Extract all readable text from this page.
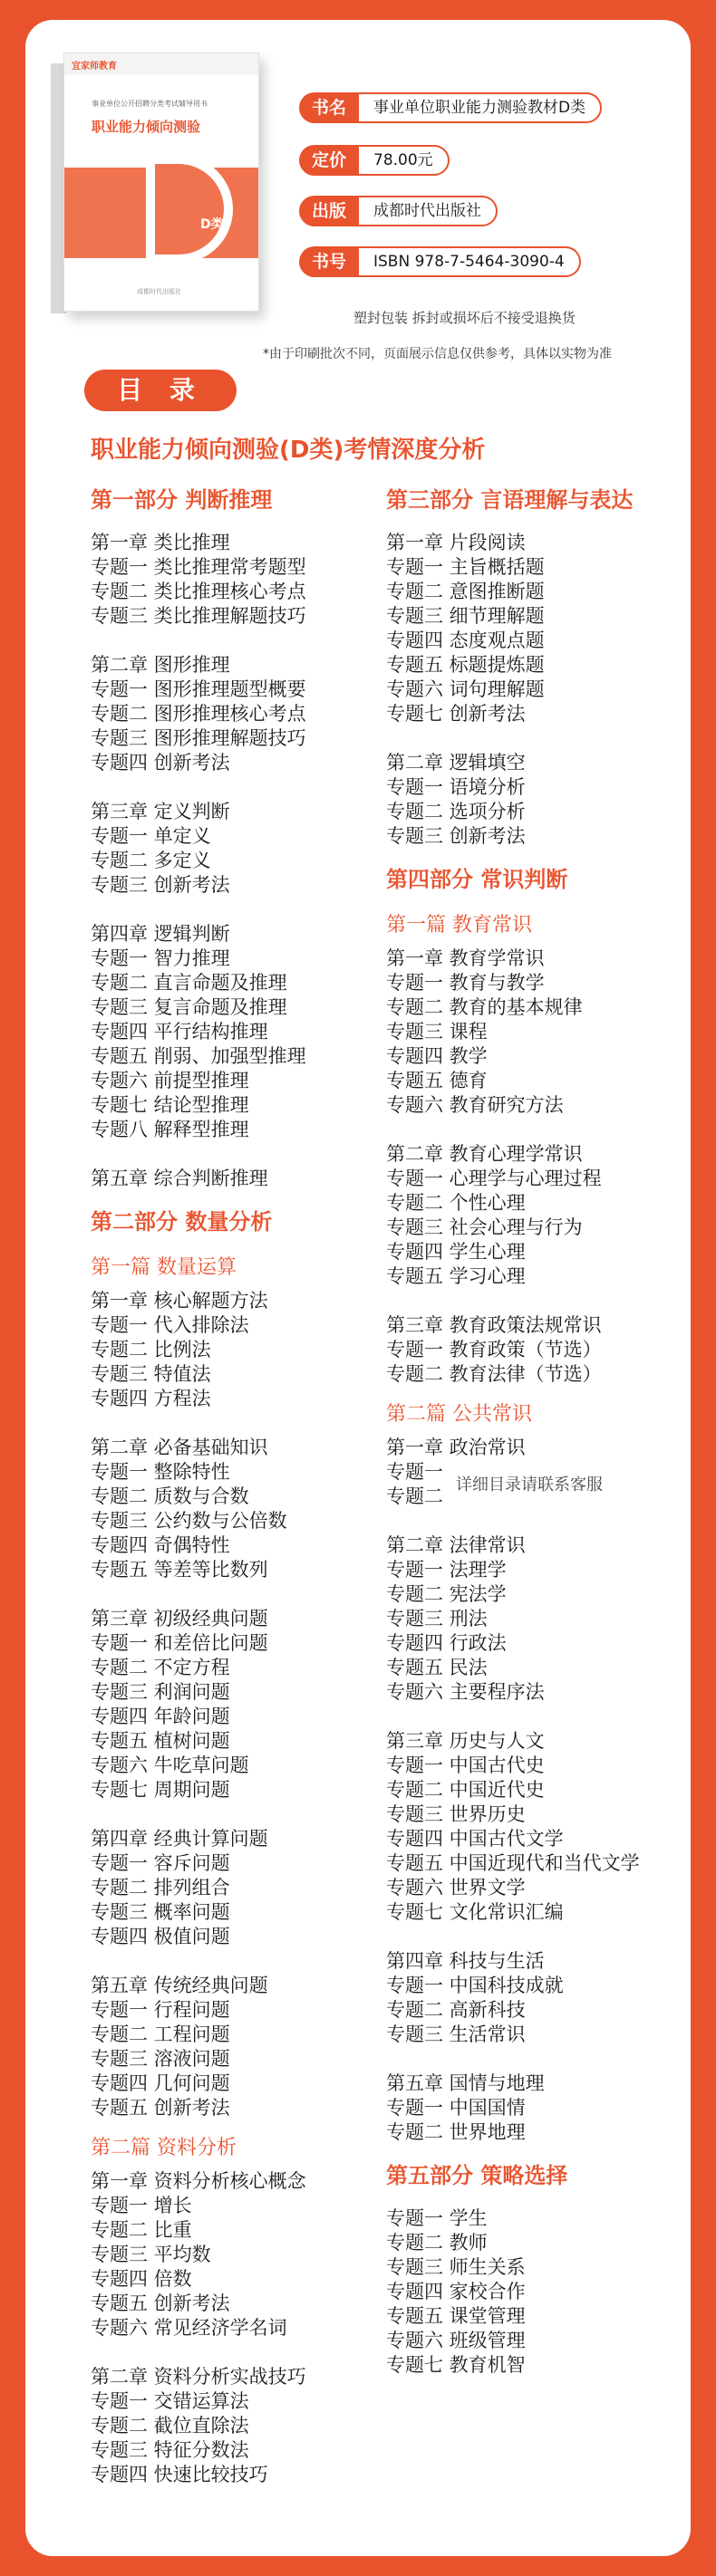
宜家师教育
事业单位公开招聘分类考试辅导用书
职业能力倾向测验
D类
成都时代出版社
事业单位职业能力测验教材D类
书名
78.00元
定价
成都时代出版社
出版
ISBN 978-7-5464-3090-4
书号
塑封包装 拆封或损坏后不接受退换货
*由于印刷批次不同，页面展示信息仅供参考，具体以实物为准
目 录
职业能力倾向测验(D类)考情深度分析
第一部分 判断推理
第一章 类比推理
专题一 类比推理常考题型
专题二 类比推理核心考点
专题三 类比推理解题技巧
第二章 图形推理
专题一 图形推理题型概要
专题二 图形推理核心考点
专题三 图形推理解题技巧
专题四 创新考法
第三章 定义判断
专题一 单定义
专题二 多定义
专题三 创新考法
第四章 逻辑判断
专题一 智力推理
专题二 直言命题及推理
专题三 复言命题及推理
专题四 平行结构推理
专题五 削弱、加强型推理
专题六 前提型推理
专题七 结论型推理
专题八 解释型推理
第五章 综合判断推理
第二部分 数量分析
第一篇 数量运算
第一章 核心解题方法
专题一 代入排除法
专题二 比例法
专题三 特值法
专题四 方程法
第二章 必备基础知识
专题一 整除特性
专题二 质数与合数
专题三 公约数与公倍数
专题四 奇偶特性
专题五 等差等比数列
第三章 初级经典问题
专题一 和差倍比问题
专题二 不定方程
专题三 利润问题
专题四 年龄问题
专题五 植树问题
专题六 牛吃草问题
专题七 周期问题
第四章 经典计算问题
专题一 容斥问题
专题二 排列组合
专题三 概率问题
专题四 极值问题
第五章 传统经典问题
专题一 行程问题
专题二 工程问题
专题三 溶液问题
专题四 几何问题
专题五 创新考法
第二篇 资料分析
第一章 资料分析核心概念
专题一 增长
专题二 比重
专题三 平均数
专题四 倍数
专题五 创新考法
专题六 常见经济学名词
第二章 资料分析实战技巧
专题一 交错运算法
专题二 截位直除法
专题三 特征分数法
专题四 快速比较技巧
第三部分 言语理解与表达
第一章 片段阅读
专题一 主旨概括题
专题二 意图推断题
专题三 细节理解题
专题四 态度观点题
专题五 标题提炼题
专题六 词句理解题
专题七 创新考法
第二章 逻辑填空
专题一 语境分析
专题二 选项分析
专题三 创新考法
第四部分 常识判断
第一篇 教育常识
第一章 教育学常识
专题一 教育与教学
专题二 教育的基本规律
专题三 课程
专题四 教学
专题五 德育
专题六 教育研究方法
第二章 教育心理学常识
专题一 心理学与心理过程
专题二 个性心理
专题三 社会心理与行为
专题四 学生心理
专题五 学习心理
第三章 教育政策法规常识
专题一 教育政策（节选）
专题二 教育法律（节选）
第二篇 公共常识
第一章 政治常识
专题一
专题二详细目录请联系客服
第二章 法律常识
专题一 法理学
专题二 宪法学
专题三 刑法
专题四 行政法
专题五 民法
专题六 主要程序法
第三章 历史与人文
专题一 中国古代史
专题二 中国近代史
专题三 世界历史
专题四 中国古代文学
专题五 中国近现代和当代文学
专题六 世界文学
专题七 文化常识汇编
第四章 科技与生活
专题一 中国科技成就
专题二 高新科技
专题三 生活常识
第五章 国情与地理
专题一 中国国情
专题二 世界地理
第五部分 策略选择
专题一 学生
专题二 教师
专题三 师生关系
专题四 家校合作
专题五 课堂管理
专题六 班级管理
专题七 教育机智
